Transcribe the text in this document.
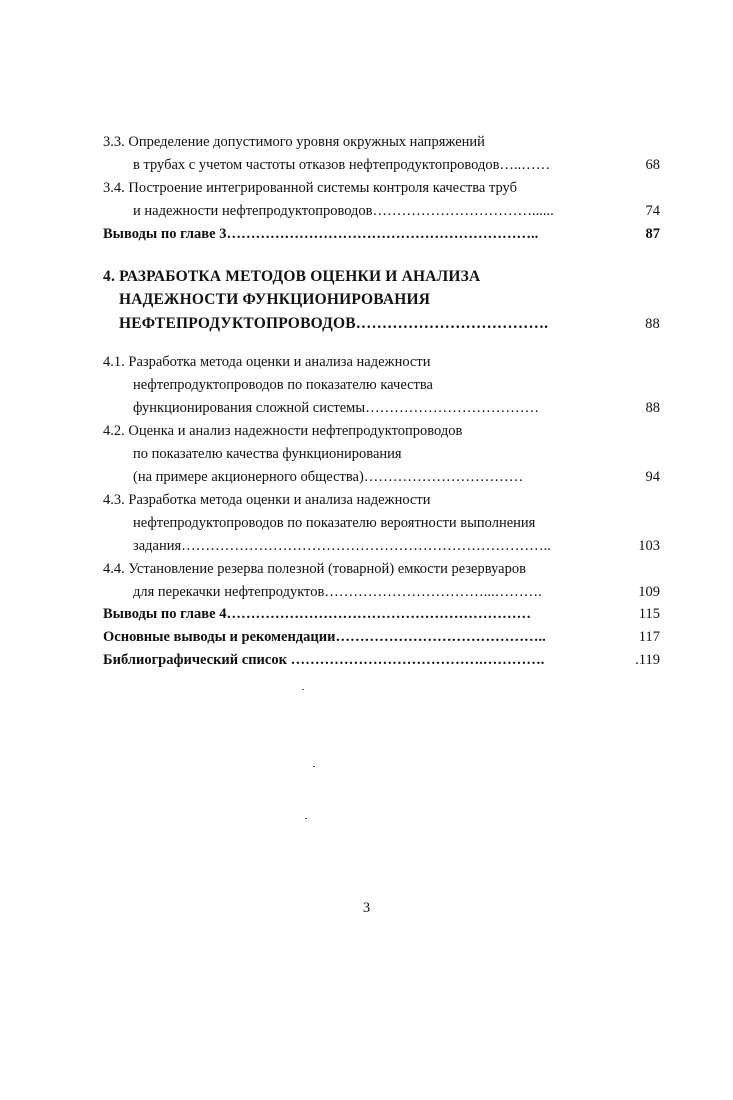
3.3. Определение допустимого уровня окружных напряжений
в трубах с учетом частоты отказов нефтепродуктопроводов…..……	68
3.4. Построение интегрированной системы контроля качества труб
и надежности нефтепродуктопроводов……………………………......	74
Выводы по главе 3………………………………………………………..	87
4. РАЗРАБОТКА МЕТОДОВ ОЦЕНКИ И АНАЛИЗА
НАДЕЖНОСТИ ФУНКЦИОНИРОВАНИЯ
НЕФТЕПРОДУКТОПРОВОДОВ……………………………….	88
4.1. Разработка метода оценки и анализа надежности
нефтепродуктопроводов по показателю качества
функционирования сложной системы………………………………	88
4.2. Оценка и анализ надежности нефтепродуктопроводов
по показателю качества функционирования
(на примере акционерного общества)……………………………	94
4.3. Разработка метода оценки и анализа надежности
нефтепродуктопроводов по показателю вероятности выполнения
задания…………………………………………………………………..	103
4.4. Установление резерва полезной (товарной) емкости резервуаров
для перекачки нефтепродуктов……………………………...……….	109
Выводы по главе 4………………………………………………………	115
Основные выводы и рекомендации……………………………………..	117
Библиографический список ………………………………….………….	.119
3
